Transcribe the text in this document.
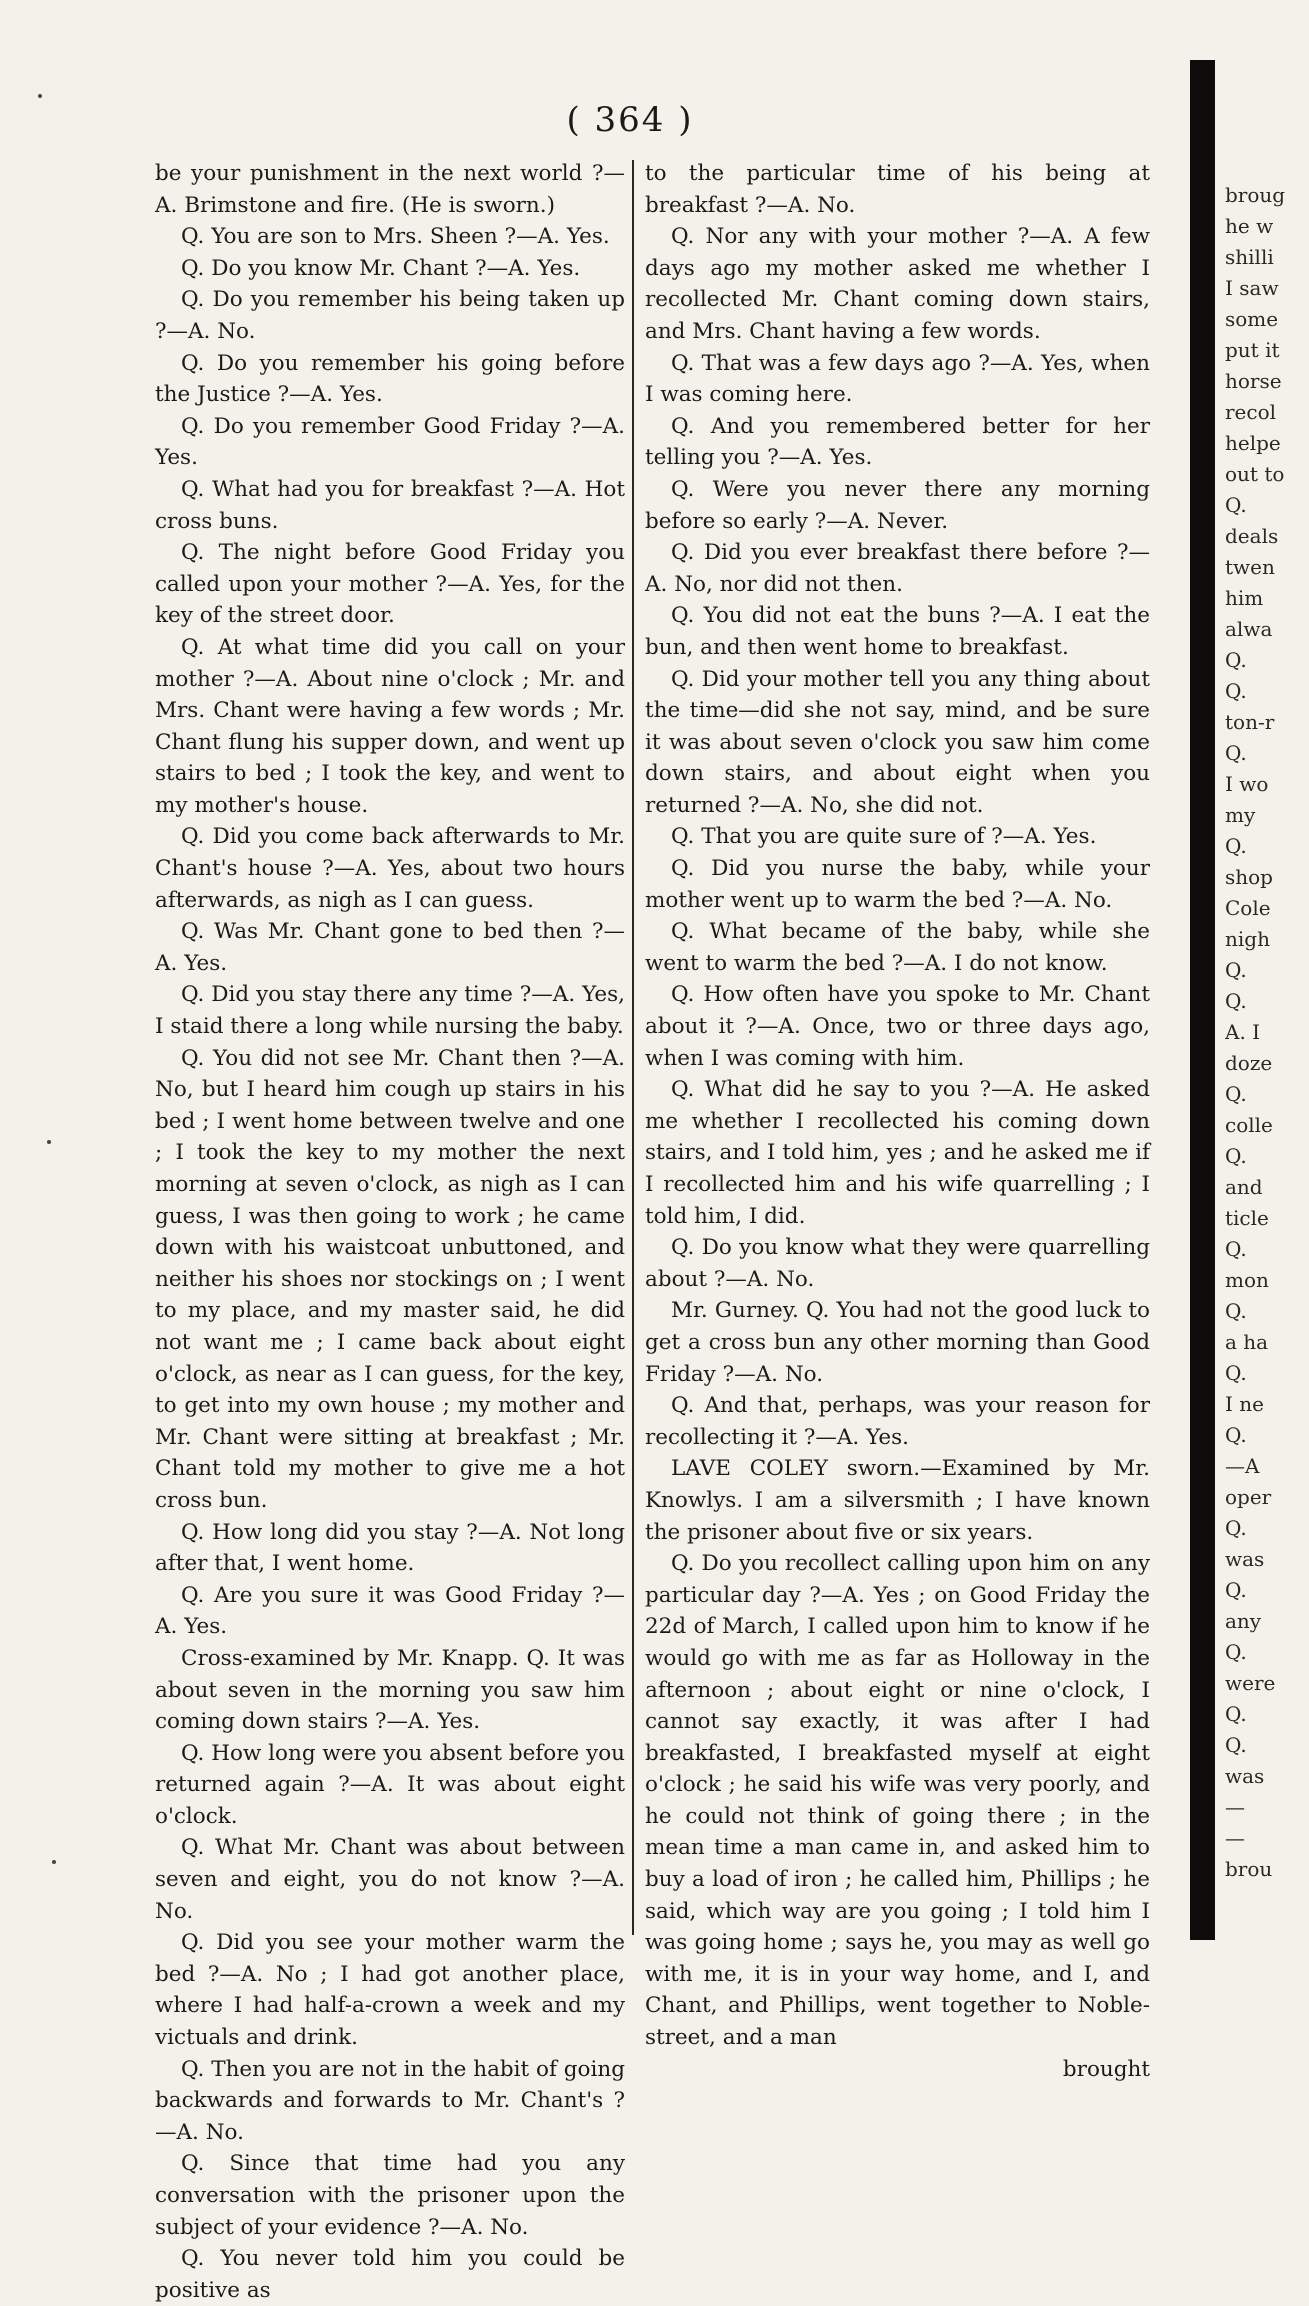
( 364 )

be your punishment in the next world ?—A. Brimstone and fire. (He is sworn.)

Q. You are son to Mrs. Sheen ?—A. Yes.

Q. Do you know Mr. Chant ?—A. Yes.

Q. Do you remember his being taken up ?—A. No.

Q. Do you remember his going before the Justice ?—A. Yes.

Q. Do you remember Good Friday ?—A. Yes.

Q. What had you for breakfast ?—A. Hot cross buns.

Q. The night before Good Friday you called upon your mother ?—A. Yes, for the key of the street door.

Q. At what time did you call on your mother ?—A. About nine o'clock ; Mr. and Mrs. Chant were having a few words ; Mr. Chant flung his supper down, and went up stairs to bed ; I took the key, and went to my mother's house.

Q. Did you come back afterwards to Mr. Chant's house ?—A. Yes, about two hours afterwards, as nigh as I can guess.

Q. Was Mr. Chant gone to bed then ?—A. Yes.

Q. Did you stay there any time ?—A. Yes, I staid there a long while nursing the baby.

Q. You did not see Mr. Chant then ?—A. No, but I heard him cough up stairs in his bed ; I went home between twelve and one ; I took the key to my mother the next morning at seven o'clock, as nigh as I can guess, I was then going to work ; he came down with his waistcoat unbuttoned, and neither his shoes nor stockings on ; I went to my place, and my master said, he did not want me ; I came back about eight o'clock, as near as I can guess, for the key, to get into my own house ; my mother and Mr. Chant were sitting at breakfast ; Mr. Chant told my mother to give me a hot cross bun.

Q. How long did you stay ?—A. Not long after that, I went home.

Q. Are you sure it was Good Friday ?—A. Yes.

Cross-examined by Mr. Knapp. Q. It was about seven in the morning you saw him coming down stairs ?—A. Yes.

Q. How long were you absent before you returned again ?—A. It was about eight o'clock.

Q. What Mr. Chant was about between seven and eight, you do not know ?—A. No.

Q. Did you see your mother warm the bed ?—A. No ; I had got another place, where I had half-a-crown a week and my victuals and drink.

Q. Then you are not in the habit of going backwards and forwards to Mr. Chant's ?—A. No.

Q. Since that time had you any conversation with the prisoner upon the subject of your evidence ?—A. No.

Q. You never told him you could be positive as

to the particular time of his being at breakfast ?—A. No.

Q. Nor any with your mother ?—A. A few days ago my mother asked me whether I recollected Mr. Chant coming down stairs, and Mrs. Chant having a few words.

Q. That was a few days ago ?—A. Yes, when I was coming here.

Q. And you remembered better for her telling you ?—A. Yes.

Q. Were you never there any morning before so early ?—A. Never.

Q. Did you ever breakfast there before ?—A. No, nor did not then.

Q. You did not eat the buns ?—A. I eat the bun, and then went home to breakfast.

Q. Did your mother tell you any thing about the time—did she not say, mind, and be sure it was about seven o'clock you saw him come down stairs, and about eight when you returned ?—A. No, she did not.

Q. That you are quite sure of ?—A. Yes.

Q. Did you nurse the baby, while your mother went up to warm the bed ?—A. No.

Q. What became of the baby, while she went to warm the bed ?—A. I do not know.

Q. How often have you spoke to Mr. Chant about it ?—A. Once, two or three days ago, when I was coming with him.

Q. What did he say to you ?—A. He asked me whether I recollected his coming down stairs, and I told him, yes ; and he asked me if I recollected him and his wife quarrelling ; I told him, I did.

Q. Do you know what they were quarrelling about ?—A. No.

Mr. Gurney. Q. You had not the good luck to get a cross bun any other morning than Good Friday ?—A. No.

Q. And that, perhaps, was your reason for recollecting it ?—A. Yes.

LAVE COLEY sworn.—Examined by Mr. Knowlys. I am a silversmith ; I have known the prisoner about five or six years.

Q. Do you recollect calling upon him on any particular day ?—A. Yes ; on Good Friday the 22d of March, I called upon him to know if he would go with me as far as Holloway in the afternoon ; about eight or nine o'clock, I cannot say exactly, it was after I had breakfasted, I breakfasted myself at eight o'clock ; he said his wife was very poorly, and he could not think of going there ; in the mean time a man came in, and asked him to buy a load of iron ; he called him, Phillips ; he said, which way are you going ; I told him I was going home ; says he, you may as well go with me, it is in your way home, and I, and Chant, and Phillips, went together to Noble-street, and a man

brought
broug
he w
shilli
I saw
some
put it
horse
recol
helpe
out to
Q.
deals
twen
him
alwa
Q.
Q.
ton-r
Q.
I wo
my
Q.
shop
Cole
nigh
Q.
Q.
A. I
doze
Q.
colle
Q.
and
ticle
Q.
mon
Q.
a ha
Q.
I ne
Q.
—A
oper
Q.
was
Q.
any
Q.
were
Q.
Q.
was
—
—
brou
